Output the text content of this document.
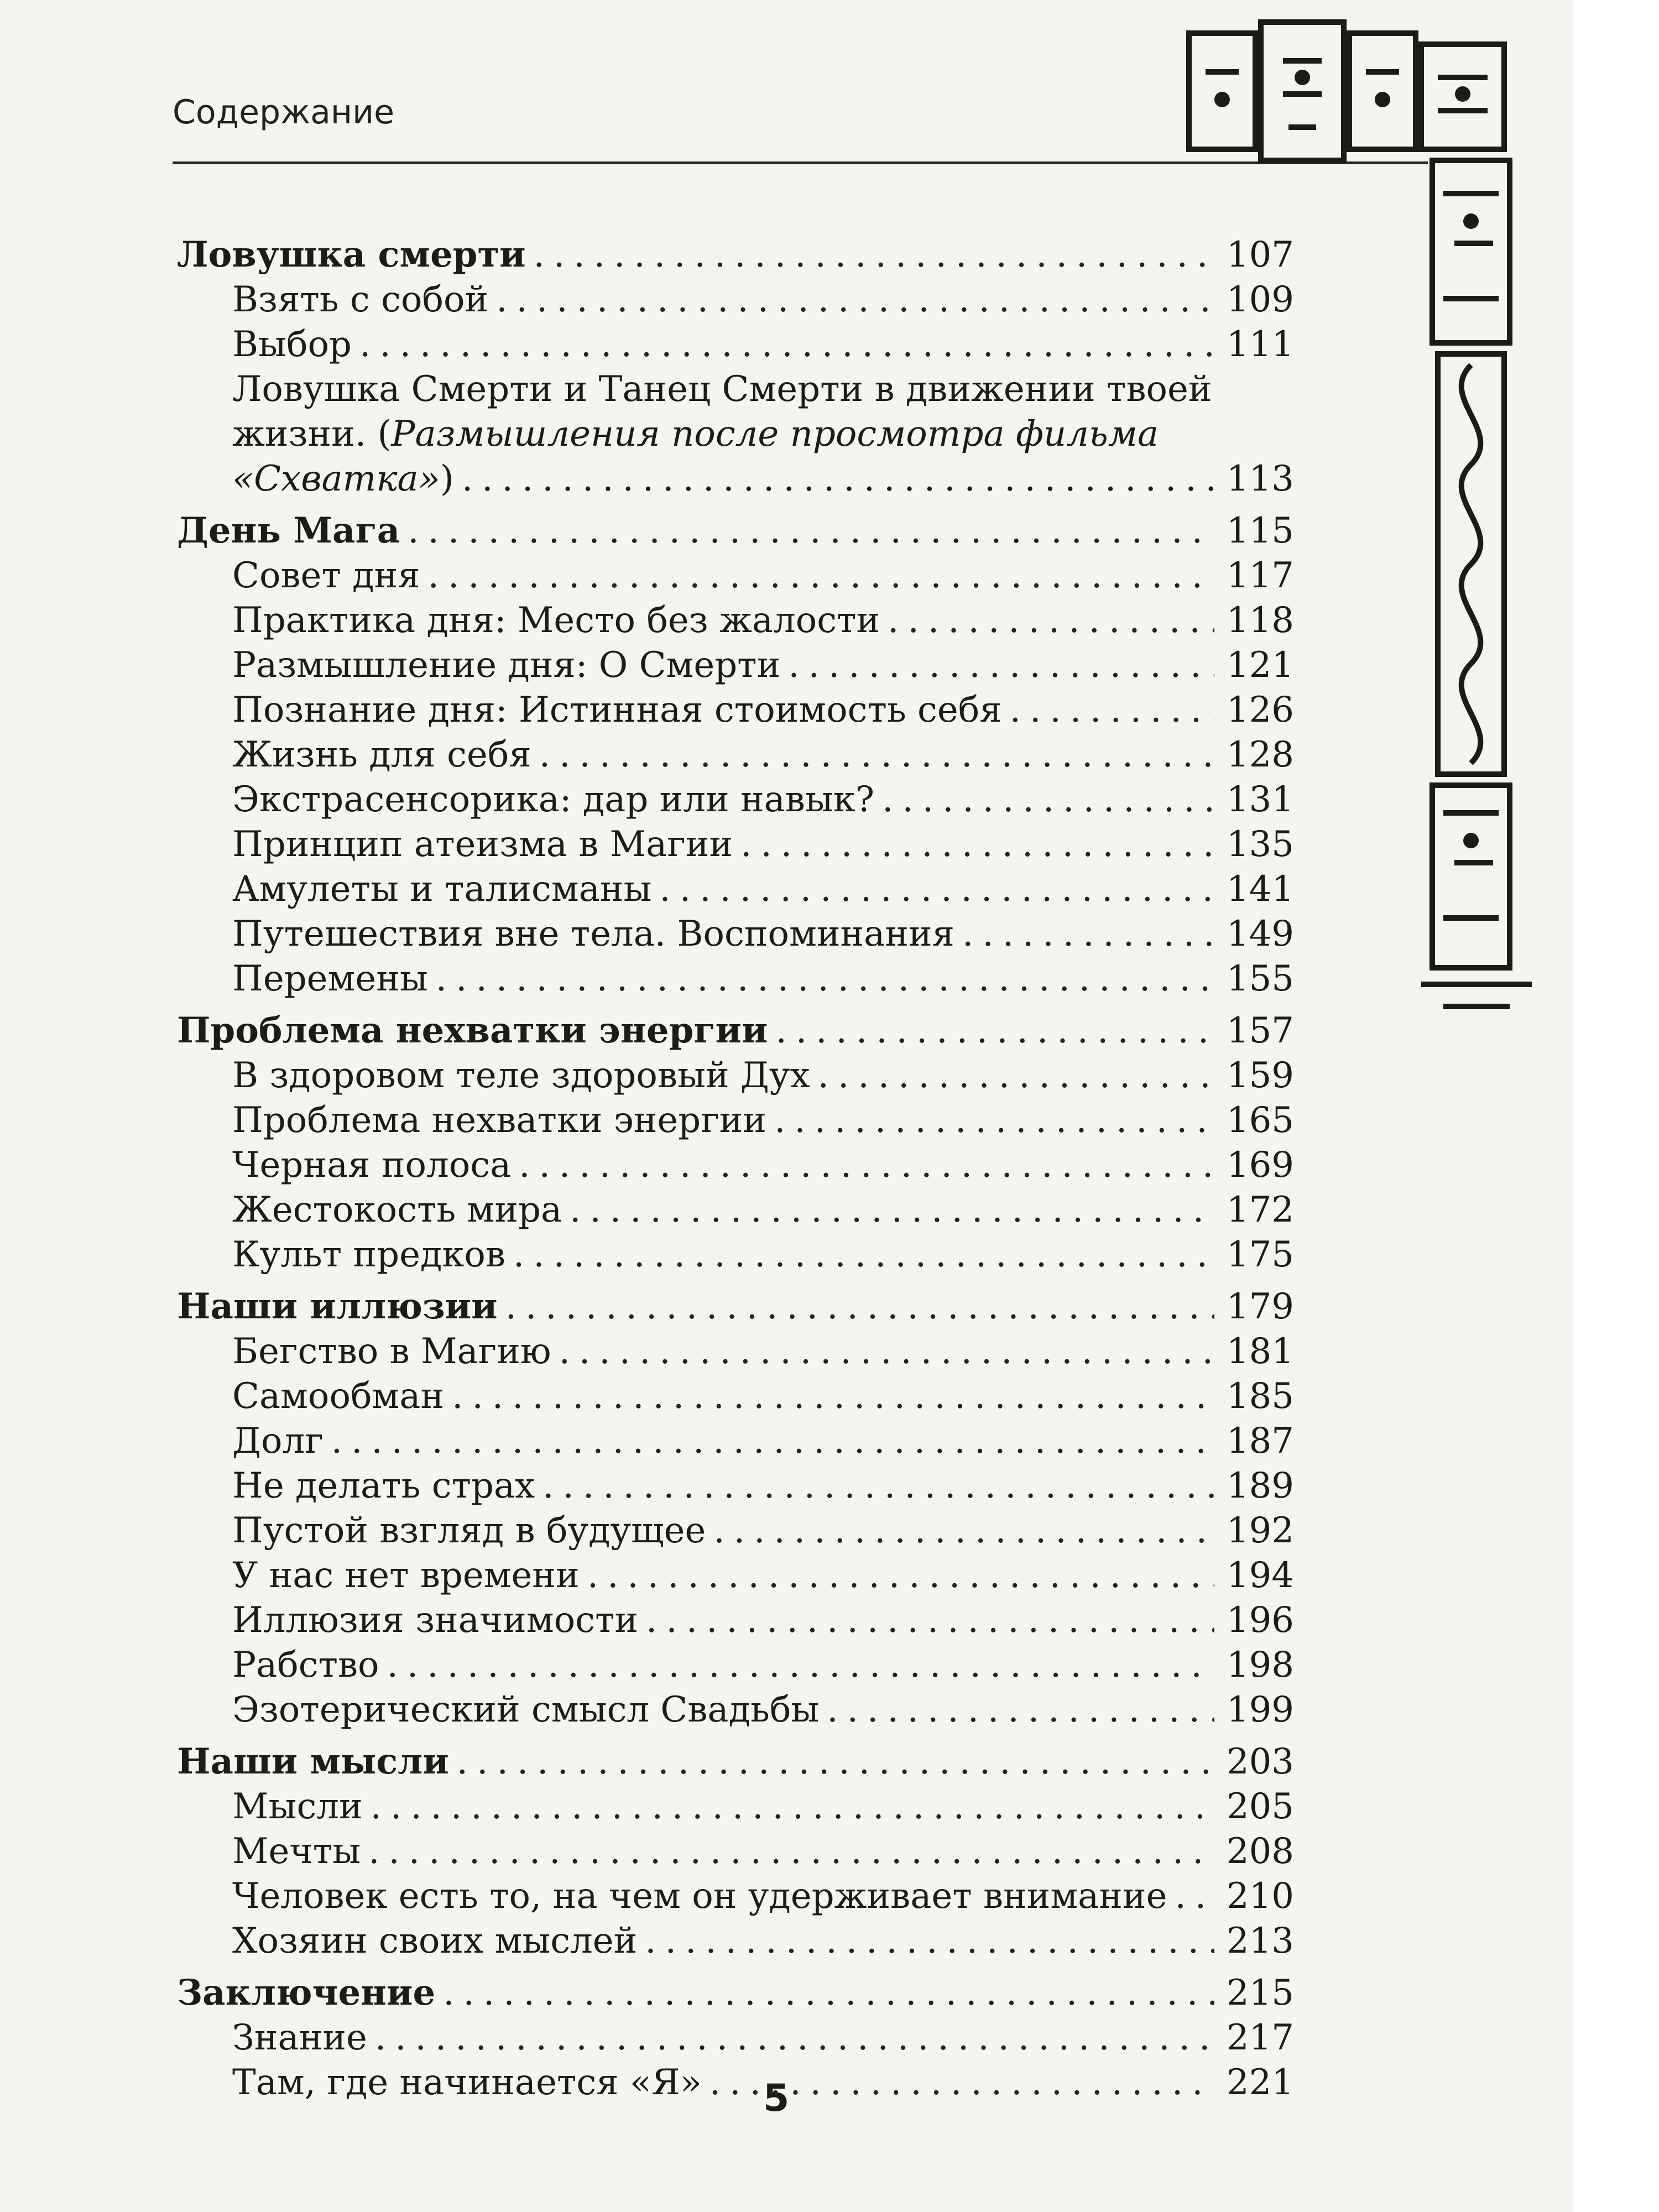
Содержание
Ловушка смерти .....	107
Взять с собой .....	109
Выбор .....	111
Ловушка Смерти и Танец Смерти в движении твоей
жизни. (Размышления после просмотра фильма
«Схватка») .....	113
День Мага .....	115
Совет дня .....	117
Практика дня: Место без жалости .....	118
Размышление дня: О Смерти .....	121
Познание дня: Истинная стоимость себя .....	126
Жизнь для себя .....	128
Экстрасенсорика: дар или навык? .....	131
Принцип атеизма в Магии .....	135
Амулеты и талисманы .....	141
Путешествия вне тела. Воспоминания .....	149
Перемены .....	155
Проблема нехватки энергии .....	157
В здоровом теле здоровый Дух .....	159
Проблема нехватки энергии .....	165
Черная полоса .....	169
Жестокость мира .....	172
Культ предков .....	175
Наши иллюзии .....	179
Бегство в Магию .....	181
Самообман .....	185
Долг .....	187
Не делать страх .....	189
Пустой взгляд в будущее .....	192
У нас нет времени .....	194
Иллюзия значимости .....	196
Рабство .....	198
Эзотерический смысл Свадьбы .....	199
Наши мысли .....	203
Мысли .....	205
Мечты .....	208
Человек есть то, на чем он удерживает внимание ..... 210
Хозяин своих мыслей .....	213
Заключение .....	215
Знание .....	217
Там, где начинается «Я» .....	221
5
